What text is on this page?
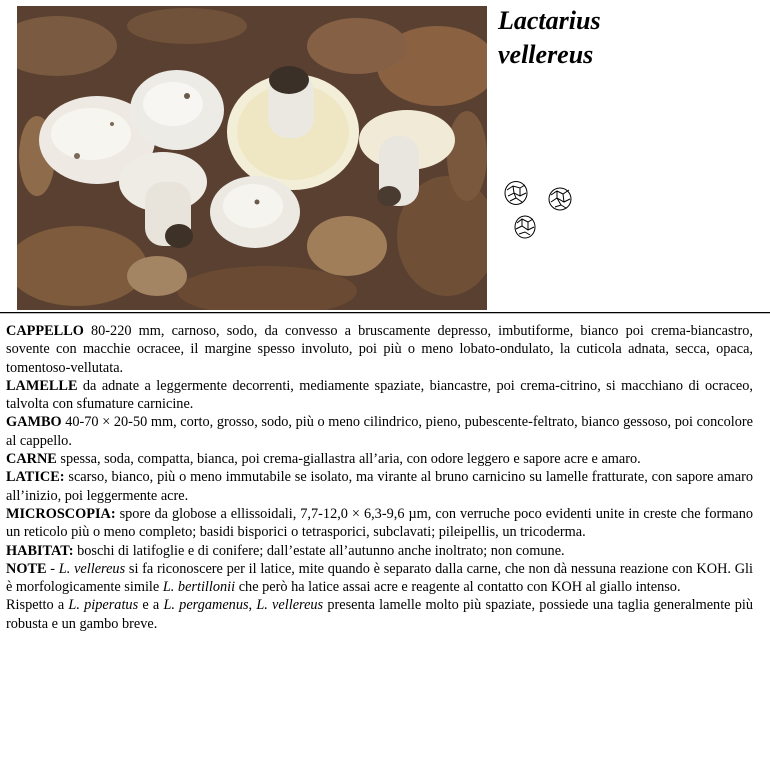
Lactarius
vellereus

CAPPELLO 80-220 mm, carnoso, sodo, da convesso a bruscamente depresso, imbutiforme, bianco poi crema-biancastro, sovente con macchie ocracee, il margine spesso involuto, poi più o meno lobato-ondulato, la cuticola adnata, secca, opaca, tomentoso-vellutata.

LAMELLE da adnate a leggermente decorrenti, mediamente spaziate, biancastre, poi crema-citrino, si macchiano di ocraceo, talvolta con sfumature carnicine.

GAMBO 40-70 × 20-50 mm, corto, grosso, sodo, più o meno cilindrico, pieno, pubescente-feltrato, bianco gessoso, poi concolore al cappello.

CARNE spessa, soda, compatta, bianca, poi crema-giallastra all’aria, con odore leggero e sapore acre e amaro.

LATICE: scarso, bianco, più o meno immutabile se isolato, ma virante al bruno carnicino su lamelle fratturate, con sapore amaro all’inizio, poi leggermente acre.

MICROSCOPIA: spore da globose a ellissoidali, 7,7-12,0 × 6,3-9,6 µm, con verruche poco evidenti unite in creste che formano un reticolo più o meno completo; basidi bisporici o tetrasporici, subclavati; pileipellis, un tricoderma.

HABITAT: boschi di latifoglie e di conifere; dall’estate all’autunno anche inoltrato; non comune.

NOTE - L. vellereus si fa riconoscere per il latice, mite quando è separato dalla carne, che non dà nessuna reazione con KOH. Gli è morfologicamente simile L. bertillonii che però ha latice assai acre e reagente al contatto con KOH al giallo intenso.

Rispetto a L. piperatus e a L. pergamenus, L. vellereus presenta lamelle molto più spaziate, possiede una taglia generalmente più robusta e un gambo breve.
